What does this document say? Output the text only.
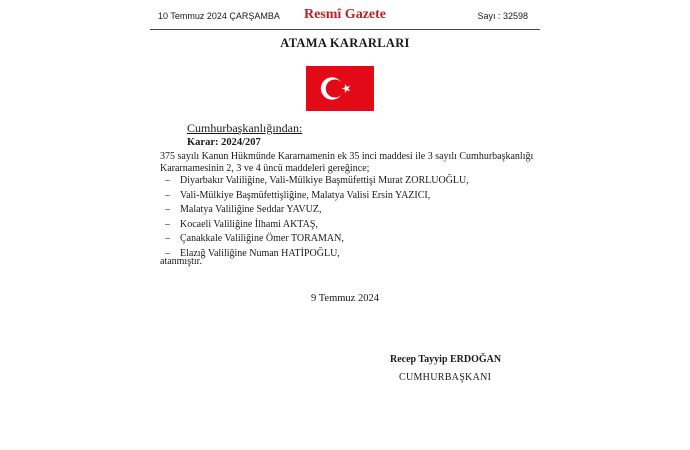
10 Temmuz 2024 ÇARŞAMBA	Resmî Gazete	Sayı : 32598
ATAMA KARARLARI
Cumhurbaşkanlığından:
Karar: 2024/207
375 sayılı Kanun Hükmünde Kararnamenin ek 35 inci maddesi ile 3 sayılı Cumhurbaşkanlığı Kararnamesinin 2, 3 ve 4 üncü maddeleri gereğince;
– Diyarbakır Valiliğine, Vali-Mülkiye Başmüfettişi Murat ZORLUOĞLU,
– Vali-Mülkiye Başmüfettişliğine, Malatya Valisi Ersin YAZICI,
– Malatya Valiliğine Seddar YAVUZ,
– Kocaeli Valiliğine İlhami AKTAŞ,
– Çanakkale Valiliğine Ömer TORAMAN,
– Elazığ Valiliğine Numan HATİPOĞLU,
atanmıştır.
9 Temmuz 2024
Recep Tayyip ERDOĞAN
CUMHURBAŞKANI
